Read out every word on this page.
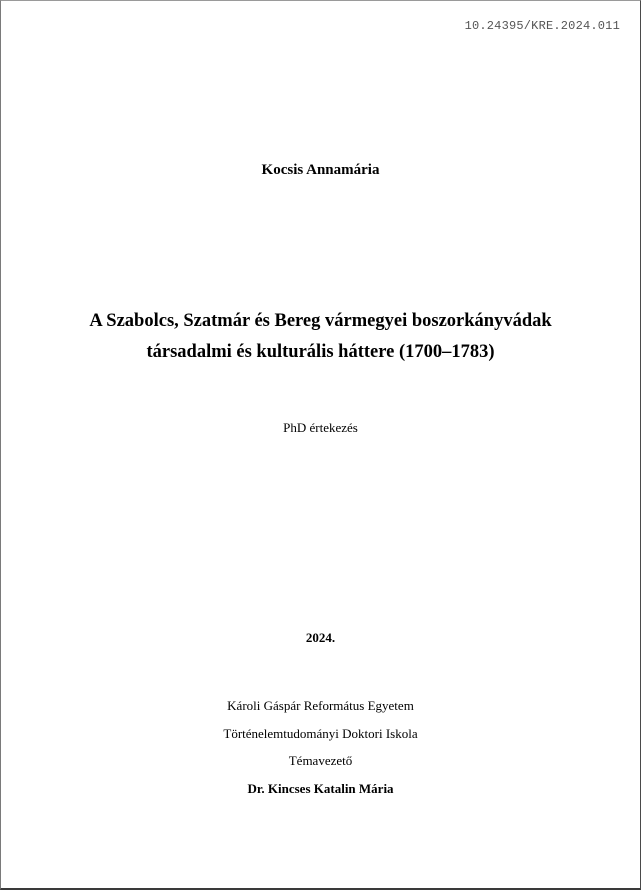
10.24395/KRE.2024.011
Kocsis Annamária
A Szabolcs, Szatmár és Bereg vármegyei boszorkányvádak
társadalmi és kulturális háttere (1700–1783)
PhD értekezés
2024.
Károli Gáspár Református Egyetem
Történelemtudományi Doktori Iskola
Témavezető
Dr. Kincses Katalin Mária
